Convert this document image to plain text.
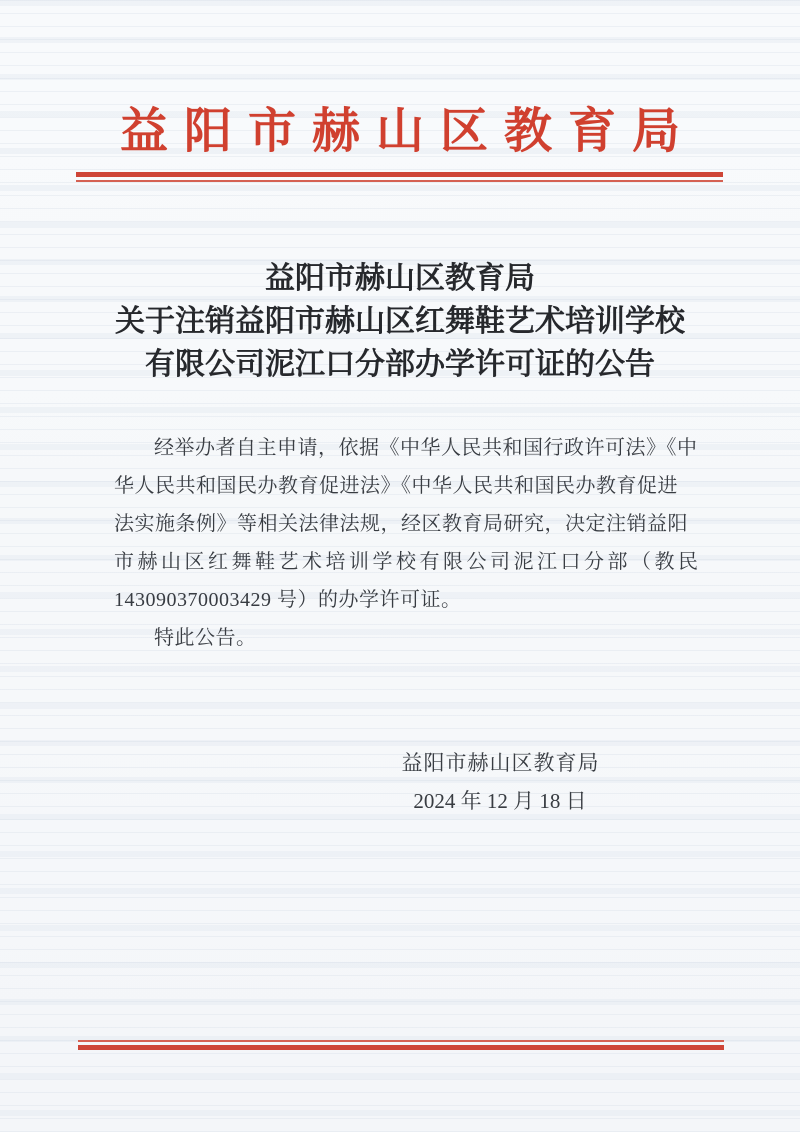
益阳市赫山区教育局
益阳市赫山区教育局
关于注销益阳市赫山区红舞鞋艺术培训学校
有限公司泥江口分部办学许可证的公告
经举办者自主申请，依据《中华人民共和国行政许可法》《中
华人民共和国民办教育促进法》《中华人民共和国民办教育促进
法实施条例》等相关法律法规，经区教育局研究，决定注销益阳
市赫山区红舞鞋艺术培训学校有限公司泥江口分部（教民
143090370003429 号）的办学许可证。
特此公告。
益阳市赫山区教育局
2024 年 12 月 18 日
